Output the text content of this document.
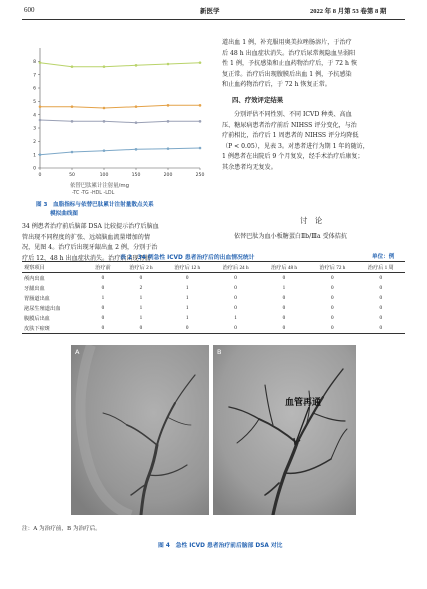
600	新医学	2022 年 8 月第 53 卷第 8 期
0
1
2
3
4
5
6
7
8
0	50	100	150	200	250
依替巴肽累计注射量/mg
-TC -TG -HDL -LDL
图 3　血脂指标与依替巴肽累计注射量散点关系
模拟曲线图
34 例患者治疗前后脑部 DSA 比较提示治疗后脑血
管出现不同程度的扩张、远端脑血流量增加的情
况，见图 4。治疗后出现牙龈出血 2 例，分别于治
疗后 12、48 h 出血症状消失。治疗后出现胃肠
道出血 1 例，补充服用奥美拉唑肠溶片，于治疗
后 48 h 出血症状消失。治疗后尿常规隐血呈弱阳
性 1 例，予抗感染和止血药物治疗后，于 72 h 恢
复正常。治疗后出现腹膜后出血 1 例，予抗感染
和止血药物治疗后，于 72 h 恢复正常。
四、疗效评定结果
分别评估不同性别、不同 ICVD 种类、高血
压、糖尿病患者治疗前后 NIHSS 评分变化，与治
疗前相比，治疗后 1 周患者的 NIHSS 评分均降低
（P < 0.05），见表 3。对患者进行为期 1 年的随访，
1 例患者在出院后 9 个月复发，经手术治疗后康复；
其余患者均无复发。
讨　论
依替巴肽为血小板糖蛋白Ⅱb/Ⅲa 受体拮抗
表 2　34 例急性 ICVD 患者治疗后的出血情况统计	单位：例
观察项目	治疗前	治疗后 2 h	治疗后 12 h	治疗后 24 h	治疗后 48 h	治疗后 72 h	治疗后 1 周
颅内出血	0	0	0	0	0	0	0
牙龈出血	0	2	1	0	1	0	0
胃肠道出血	1	1	1	0	0	0	0
泌尿生殖道出血	0	1	1	0	0	0	0
腹膜后出血	0	1	1	1	0	0	0
皮肤下瘀斑	0	0	0	0	0	0	0
A	B
血管再通
注：A 为治疗前，B 为治疗后。
图 4　急性 ICVD 患者治疗前后脑部 DSA 对比
